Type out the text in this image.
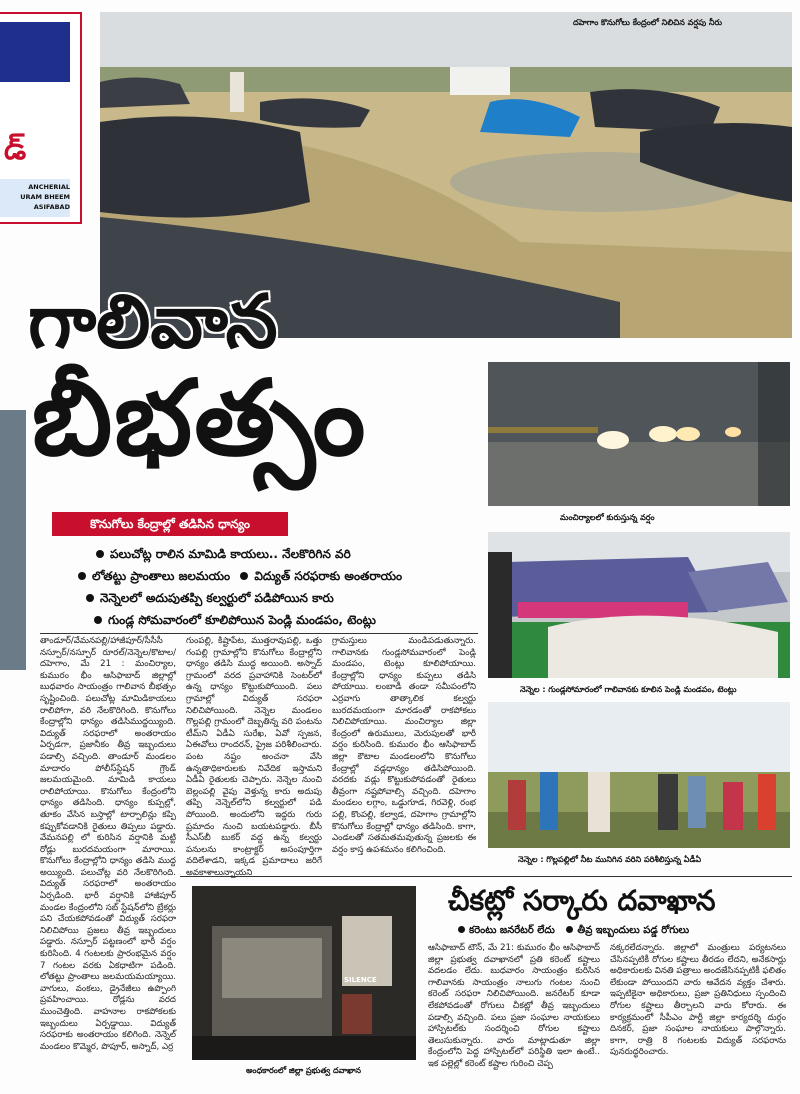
డ్
ANCHERIAL
URAM BHEEM
ASIFABAD
దహెగాం కొనుగోలు కేంద్రంలో నిలిచిన వర్షపు నీరు
గాలివాన
బీభత్సం
మంచిర్యాలలో కురుస్తున్న వర్షం
నెన్నెల : గుండ్లసోమారంలో గాలివానకు కూలిన పెండ్లి మండపం, టెంట్లు
నెన్నెల : గొల్లపల్లిలో నీట మునిగిన వరిని పరిశీలిస్తున్న ఏడీఏ
కొనుగోలు కేంద్రాల్లో తడిసిన ధాన్యం
పలుచోట్ల రాలిన మామిడి కాయలు.. నేలకొరిగిన వరి
లోతట్టు ప్రాంతాలు జలమయం విద్యుత్ సరఫరాకు అంతరాయం
నెన్నెలలో అదుపుతప్పి కల్వర్టులో పడిపోయిన కారు
గుండ్ల సోమవారంలో కూలిపోయిన పెండ్లి మండపం, టెంట్లు

తాండూర్/వేమనపల్లి/హాజీపూర్/సీసీసీ నస్పూర్/నస్పూర్ రూరల్/నెన్నెల/కొటాల/దహెగాం, మే 21 : మంచిర్యాల, కుమురం భీం ఆసిఫాబాద్ జిల్లాల్లో బుధవారం సాయంత్రం గాలివాన బీభత్సం సృష్టించింది. పలుచోట్ల మామిడికాయలు రాలిపోగా, వరి నేలకొరిగింది. కొనుగోలు కేంద్రాల్లోని ధాన్యం తడిసిముద్దయ్యింది. విద్యుత్ సరఫరాలో అంతరాయం ఏర్పడగా, ప్రజానీకం తీవ్ర ఇబ్బందులు పడాల్సి వచ్చింది. తాండూర్ మండలం మాదారం పోలీస్‌స్టేషన్ గ్రౌండ్ జలమయమైంది. మామిడి కాయలు రాలిపోయాయి. కొనుగోలు కేంద్రంలోని ధాన్యం తడిసింది. ధాన్యం కుప్పల్లో, తూకం వేసిన బస్తాల్లో టార్పాలిన్లు కప్పి కప్పుకోవడానికి రైతులు తిప్పలు పడ్డారు. వేమనపల్లి లో కురిసిన వర్షానికి మట్టి రోడ్లు బురదమయంగా మారాయి. కొనుగోలు కేంద్రాల్లోని ధాన్యం తడిసి ముద్ద అయ్యింది. పలుచోట్ల వరి నేలకొరిగింది. విద్యుత్ సరఫరాలో అంతరాయం ఏర్పడింది. భారీ వర్షానికి హాజీపూర్ మండల కేంద్రంలోని సబ్ స్టేషన్‌లోని బ్రేకర్లు పని చేయకపోవడంతో విద్యుత్ సరఫరా నిలిచిపోయి ప్రజలు తీవ్ర ఇబ్బందులు పడ్డారు. నస్పూర్ పట్టణంలో భారీ వర్షం కురిసింది. 4 గంటలకు ప్రారంభమైన వర్షం 7 గంటల వరకు ఏకధాటిగా పడింది. లోతట్టు ప్రాంతాలు జలమయమయ్యాయి. వాగులు, వంకలు, డ్రైనేజీలు ఉప్పొంగి ప్రవహించాయి. రోడ్లను వరద ముంచెత్తింది. వాహనాల రాకపోకలకు ఇబ్బందులు ఏర్పడ్డాయి. విద్యుత్ సరఫరాకు అంతరాయం కలిగింది. నెన్నెల్ మండలం కొమ్మెర, పొపూర్, అస్నాద్, ఎర్ర

గుంపల్లి, కిష్టాపేట, ముత్తరావుపల్లి, ఒత్తు గంపల్లి గ్రామాల్లోని కొనుగోలు కేంద్రాల్లోని ధాన్యం తడిసి ముద్ద అయింది. అస్నాద్ గ్రామంలో వరద ప్రవాహానికి సెంటర్‌లో ఉన్న ధాన్యం కొట్టుకుపోయింది. పలు గ్రామాల్లో విద్యుత్ సరఫరా నిలిచిపోయింది. నెన్నెల మండలం గొల్లపల్లి గ్రామంలో దెబ్బతిన్న వరి పంటను టీమ్‌ని ఏడీఏ సురేఖ, ఏవో స్పజన, ఏఈవోలు రాందరన్, ప్రైజ పరిశీలించారు. పంట నష్టం అంచనా వేసి ఉన్నతాధికారులకు నివేదిక ఇస్తామని ఏడీఏ రైతులకు చెప్పారు. నెన్నెల నుంచి బెల్లంపల్లి వైపు వెళ్తున్న కారు అదుపు తప్పి నెన్నెల్‌లోని కల్వర్టులో పడి పోయింది. అందులోని ఇద్దరు గురు ప్రమాదం నుంచి బయటపడ్డారు. బీసీ సీఎస్‌బీ బుకర్ వద్ద ఉన్న కల్వర్టు పనులను కాంట్రాక్టర్ అసంపూర్తిగా వదిలేశాడని, ఇక్కడ ప్రమాదాలు జరిగే అవకాశాలున్నాయని

గ్రామస్తులు మండిపడుతున్నారు. గాలివానకు గుండ్లసోమవారంలో పెండ్లి మండపం, టెంట్లు కూలిపోయాయి. కేంద్రాల్లోని ధాన్యం కుప్పలు తడిసి పోయాయి. లంబాడీ తండా సమీపంలోని ఎర్రవాగు తాత్కాలిక కల్వర్టు బురదమయంగా మారడంతో రాకపోకలు నిలిచిపోయాయి. మంచిర్యాల జిల్లా కేంద్రంలో ఉరుములు, మెరుపులతో భారీ వర్షం కురిసింది. కుమురం భీం ఆసిఫాబాద్ జిల్లా కౌటాల మండలంలోని కొనుగోలు కేంద్రాల్లో వడ్లధాన్యం తడిసిపోయింది. వరదకు వడ్లు కొట్టుకుపోవడంతో రైతులు తీవ్రంగా నష్టపోవాల్సి వచ్చింది. దహెగాం మండలం లగ్గాం, ఒడ్డుగూడ, గిరవెళ్లి, రంభ పల్లి, కొంపల్లి, కల్వాడ, దహెగాం గ్రామాల్లోని కొనుగోలు కేంద్రాల్లో ధాన్యం తడిసింది. కాగా, ఎండలతో సతమతమవుతున్న ప్రజలకు ఈ వర్షం కాస్త ఉపశమనం కలిగించింది.

SILENCE
అంధకారంలో జిల్లా ప్రభుత్వ దవాఖాన
చీకట్లో సర్కారు దవాఖాన
కరెంటు జనరేటర్ లేదు తీవ్ర ఇబ్బందులు పడ్డ రోగులు

ఆసిఫాబాద్ టౌన్, మే 21: కుమురం భీం ఆసిఫాబాద్ జిల్లా ప్రభుత్వ దవాఖానలో ప్రతి కరెంట్ కష్టాలు వదలడం లేదు. బుధవారం సాయంత్రం కురిసిన గాలివానకు సాయంత్రం నాలుగు గంటల నుంచి కరెంట్ సరఫరా నిలిచిపోయింది. జనరేటర్ కూడా లేకపోవడంతో రోగులు చీకట్లో తీవ్ర ఇబ్బందులు పడాల్సి వచ్చింది. పలు ప్రజా సంఘాల నాయకులు హాస్పిటల్‌కు సందర్శించి రోగుల కష్టాలు తెలుసుకున్నారు. వారు మాట్లాడుతూ జిల్లా కేంద్రంలోని పెద్ద హాస్పిటల్‌లో పరిస్థితి ఇలా ఉంటే.. ఇక పల్లెల్లో కరెంట్ కష్టాల గురించి చెప్ప

నక్కరలేదన్నారు. జిల్లాలో మంత్రులు పర్యటనలు చేసినప్పటికీ రోగుల కష్టాలు తీరడం లేదని, అనేకసార్లు అధికారులకు వినతి పత్రాలు అందజేసినప్పటికీ ఫలితం లేకుండా పోయిందని వారు ఆవేదన వ్యక్తం చేశారు. ఇప్పటికైనా అధికారులు, ప్రజా ప్రతినిధులు స్పందించి రోగుల కష్టాలు తీర్చాలని వారు కోరారు. ఈ కార్యక్రమంలో సీపీఎం పార్టీ జిల్లా కార్యదర్శి దుర్గం దినకర్, ప్రజా సంఘాల నాయకులు పాల్గొన్నారు. కాగా, రాత్రి 8 గంటలకు విద్యుత్ సరఫరాను పునరుద్ధరించారు.
